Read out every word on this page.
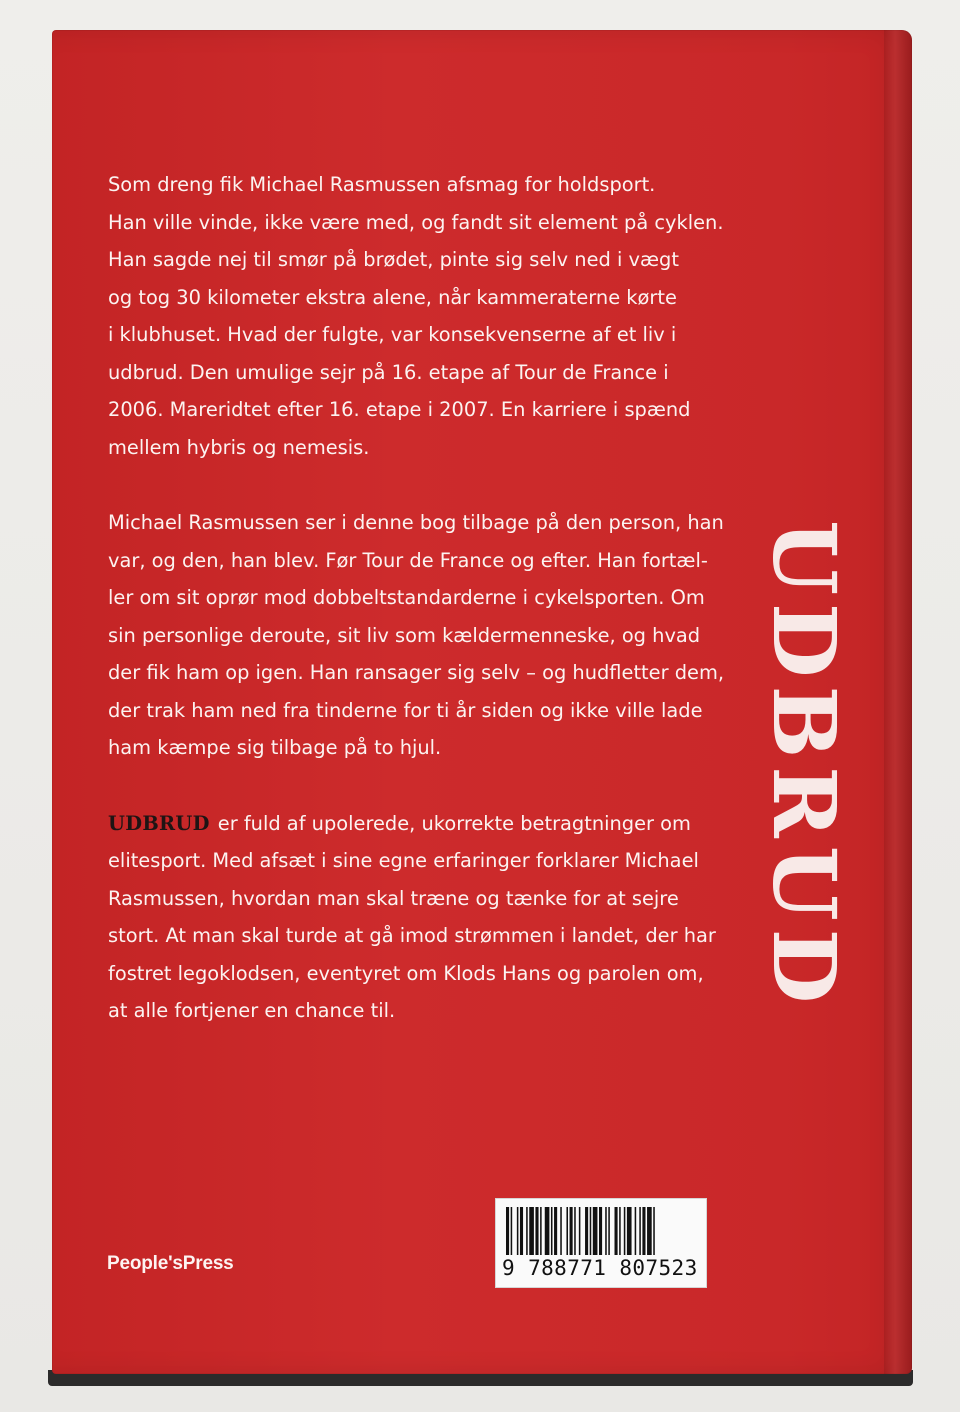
UDBRUD

Som dreng fik Michael Rasmussen afsmag for holdsport.
Han ville vinde, ikke være med, og fandt sit element på cyklen.
Han sagde nej til smør på brødet, pinte sig selv ned i vægt
og tog 30 kilometer ekstra alene, når kammeraterne kørte
i klubhuset. Hvad der fulgte, var konsekvenserne af et liv i
udbrud. Den umulige sejr på 16. etape af Tour de France i
2006. Mareridtet efter 16. etape i 2007. En karriere i spænd
mellem hybris og nemesis.

Michael Rasmussen ser i denne bog tilbage på den person, han
var, og den, han blev. Før Tour de France og efter. Han fortæl-
ler om sit oprør mod dobbeltstandarderne i cykelsporten. Om
sin personlige deroute, sit liv som kældermenneske, og hvad
der fik ham op igen. Han ransager sig selv – og hudfletter dem,
der trak ham ned fra tinderne for ti år siden og ikke ville lade
ham kæmpe sig tilbage på to hjul.

UDBRUD er fuld af upolerede, ukorrekte betragtninger om
elitesport. Med afsæt i sine egne erfaringer forklarer Michael
Rasmussen, hvordan man skal træne og tænke for at sejre
stort. At man skal turde at gå imod strømmen i landet, der har
fostret legoklodsen, eventyret om Klods Hans og parolen om,
at alle fortjener en chance til.

People'sPress	9 788771 807523
